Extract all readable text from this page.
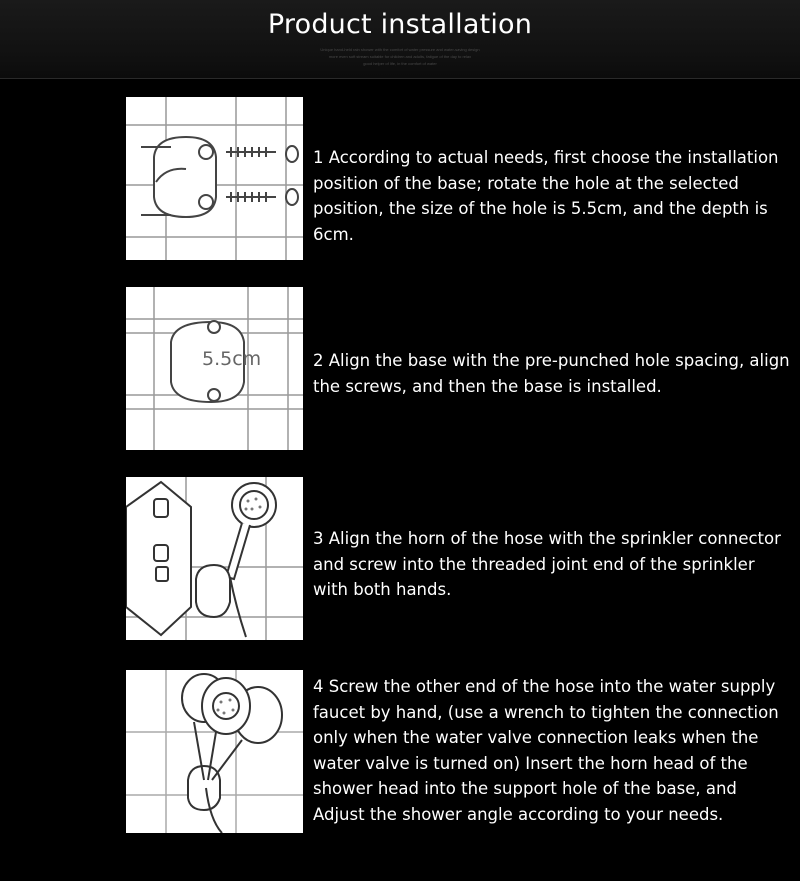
Product installation
Unique hand-held rain shower with the comfort of water pressure and water-saving design
more even soft stream suitable for children and adults, fatigue of the day to relax
good helper of life, in the comfort of water
1 According to actual needs, first choose the installation position of the base; rotate the hole at the selected position, the size of the hole is 5.5cm, and the depth is 6cm.
5.5cm	2 Align the base with the pre-punched hole spacing, align the screws, and then the base is installed.
3 Align the horn of the hose with the sprinkler connector and screw into the threaded joint end of the sprinkler with both hands.
4 Screw the other end of the hose into the water supply faucet by hand, (use a wrench to tighten the connection only when the water valve connection leaks when the water valve is turned on) Insert the horn head of the shower head into the support hole of the base, and Adjust the shower angle according to your needs.
